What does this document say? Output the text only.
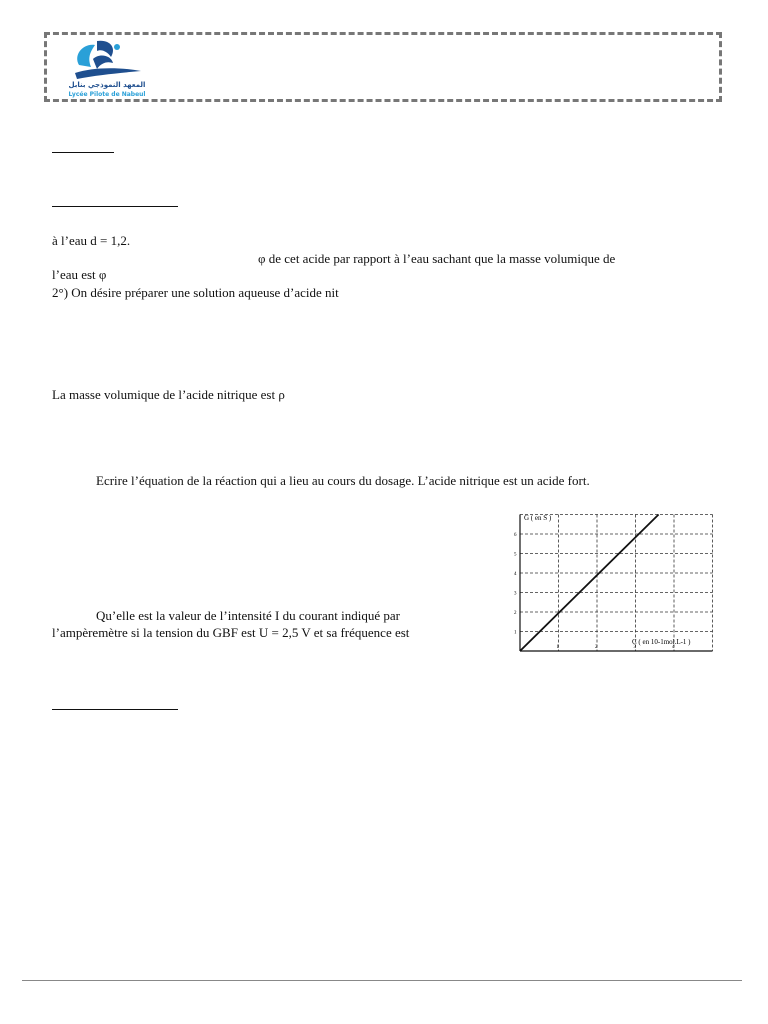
المعهد النموذجي بنابل
Lycée Pilote de Nabeul
à l’eau d = 1,2.
φ de cet acide par rapport à l’eau sachant que la masse volumique de
l’eau est φ
2°) On désire préparer une solution aqueuse d’acide nit
La masse volumique de l’acide nitrique est ρ
Ecrire l’équation de la réaction qui a lieu au cours du dosage. L’acide nitrique est un acide fort.
Qu’elle est la valeur de l’intensité I du courant indiqué par
l’ampèremètre si la tension du GBF est U = 2,5 V et sa fréquence est
1	2	3	4
1
2
3
4
5
6
G ( en S )
C ( en 10-1mol.L-1 )
